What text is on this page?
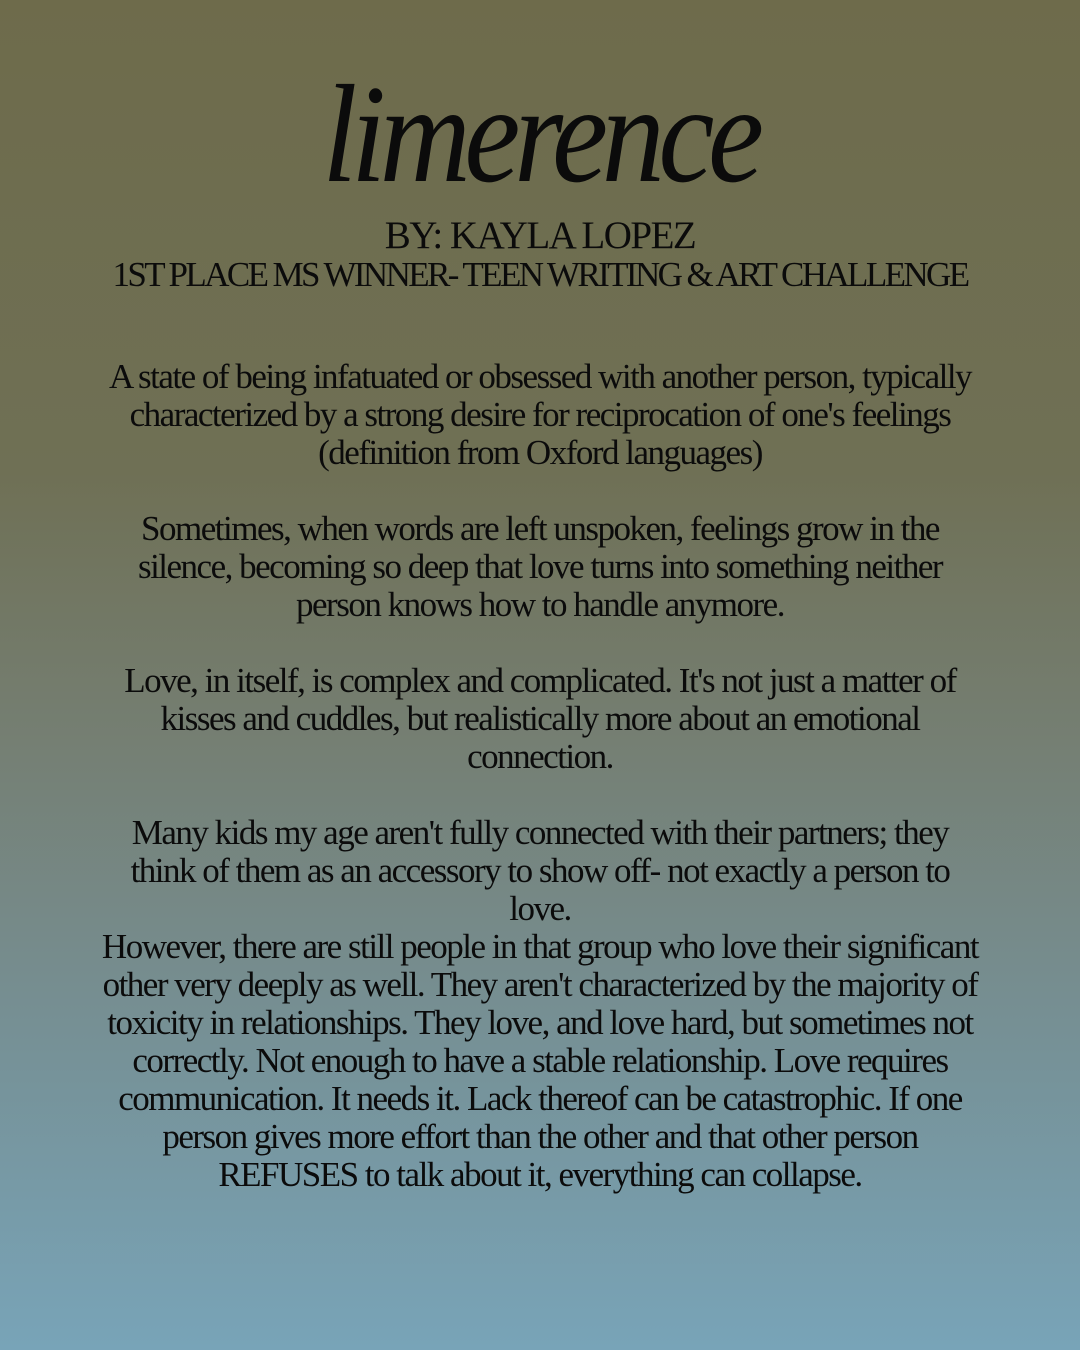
limerence
BY: KAYLA LOPEZ
1ST PLACE MS WINNER- TEEN WRITING & ART CHALLENGE

A state of being infatuated or obsessed with another person, typically characterized by a strong desire for reciprocation of one's feelings (definition from Oxford languages)

Sometimes, when words are left unspoken, feelings grow in the silence, becoming so deep that love turns into something neither person knows how to handle anymore.

Love, in itself, is complex and complicated. It's not just a matter of kisses and cuddles, but realistically more about an emotional connection.

Many kids my age aren't fully connected with their partners; they think of them as an accessory to show off- not exactly a person to love.

However, there are still people in that group who love their significant other very deeply as well. They aren't characterized by the majority of toxicity in relationships. They love, and love hard, but sometimes not correctly. Not enough to have a stable relationship. Love requires communication. It needs it. Lack thereof can be catastrophic. If one person gives more effort than the other and that other person REFUSES to talk about it, everything can collapse.
